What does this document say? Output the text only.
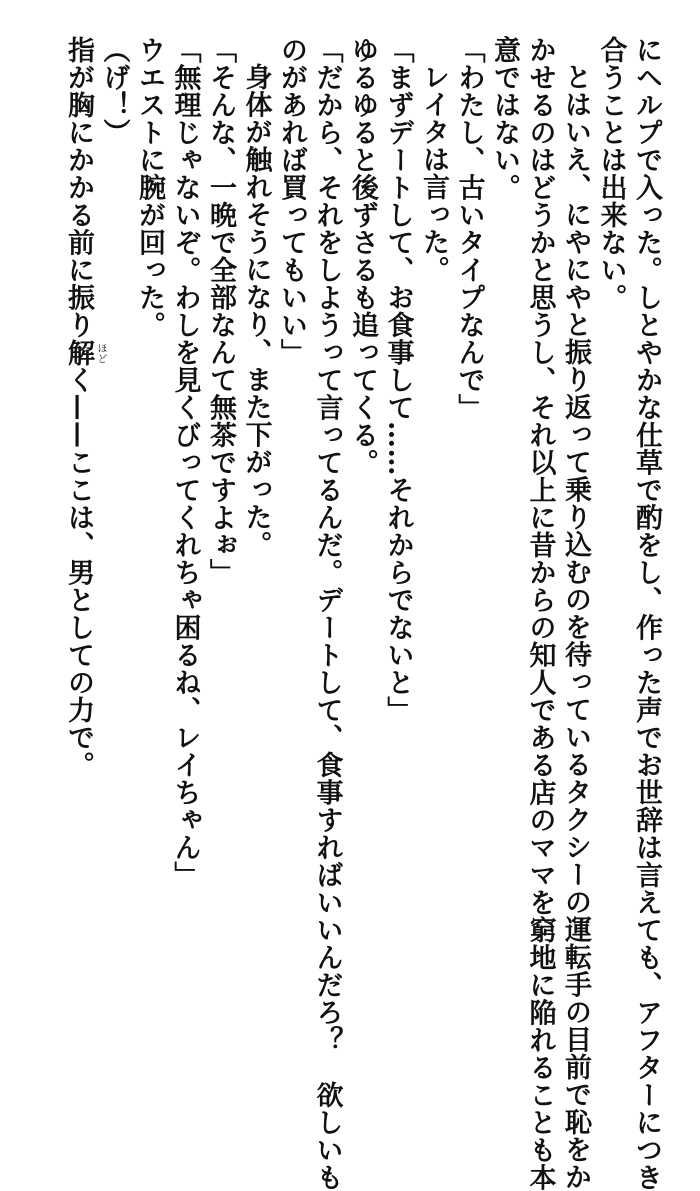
にヘルプで入った。しとやかな仕草で酌をし、作った声でお世辞は言えても、アフターにつき
合うことは出来ない。
とはいえ、にやにやと振り返って乗り込むのを待っているタクシーの運転手の目前で恥をか
かせるのはどうかと思うし、それ以上に昔からの知人である店のママを窮地に陥れることも本
意ではない。
「わたし、古いタイプなんで」
レイタは言った。
「まずデートして、お食事して……それからでないと」
ゆるゆると後ずさるも追ってくる。
「だから、それをしようって言ってるんだ。デートして、食事すればいいんだろ？　欲しいも
のがあれば買ってもいい」
身体が触れそうになり、また下がった。
「そんな、一晩で全部なんて無茶ですよぉ」
「無理じゃないぞ。わしを見くびってくれちゃ困るね、レイちゃん」
ウエストに腕が回った。
（げ！）
指が胸にかかる前に振り解く——ここは、男としての力で。
ほど
